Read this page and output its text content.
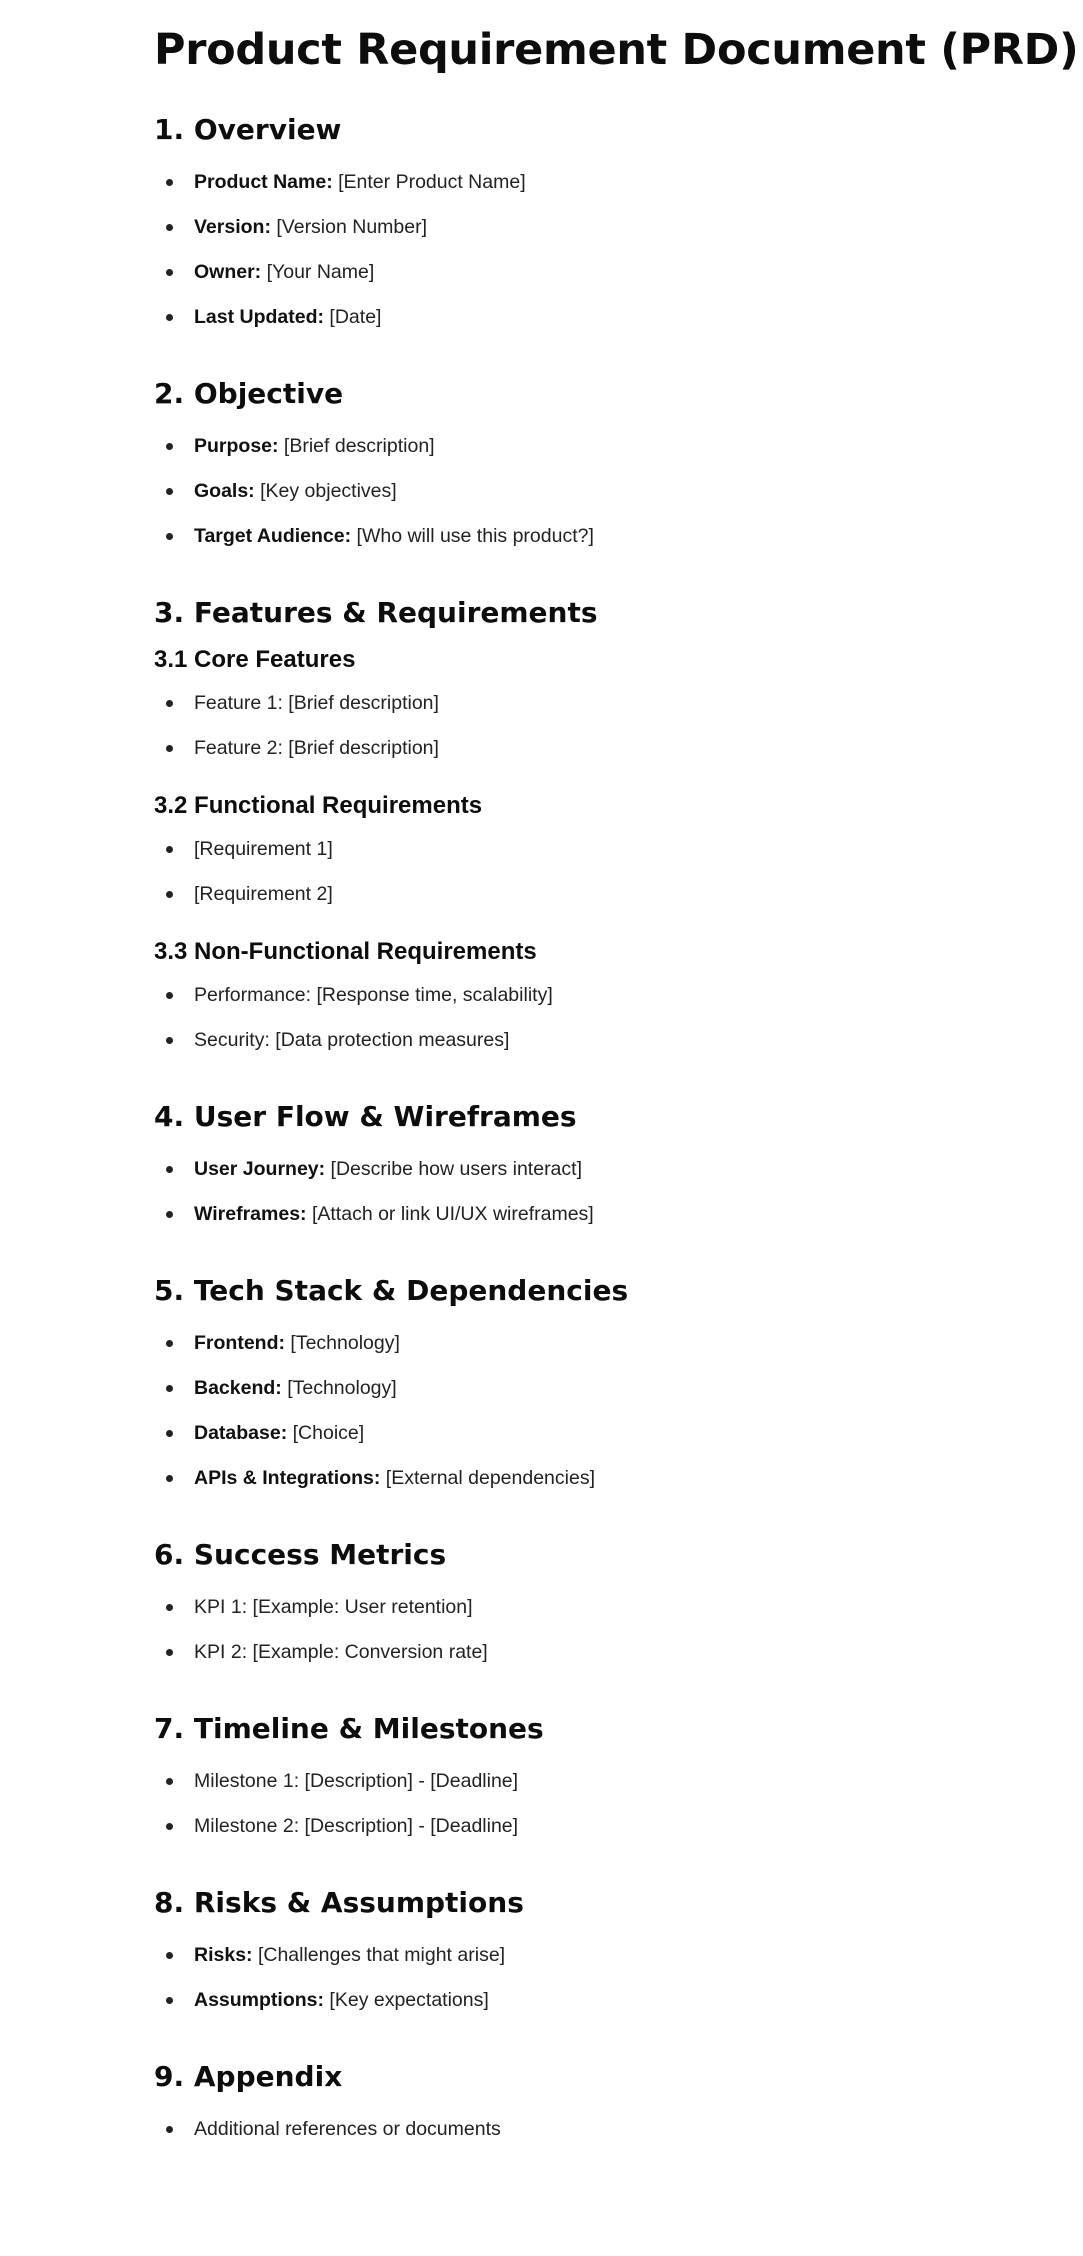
Product Requirement Document (PRD)
1. Overview
Product Name: [Enter Product Name]
Version: [Version Number]
Owner: [Your Name]
Last Updated: [Date]
2. Objective
Purpose: [Brief description]
Goals: [Key objectives]
Target Audience: [Who will use this product?]
3. Features & Requirements
3.1 Core Features
Feature 1: [Brief description]
Feature 2: [Brief description]
3.2 Functional Requirements
[Requirement 1]
[Requirement 2]
3.3 Non-Functional Requirements
Performance: [Response time, scalability]
Security: [Data protection measures]
4. User Flow & Wireframes
User Journey: [Describe how users interact]
Wireframes: [Attach or link UI/UX wireframes]
5. Tech Stack & Dependencies
Frontend: [Technology]
Backend: [Technology]
Database: [Choice]
APIs & Integrations: [External dependencies]
6. Success Metrics
KPI 1: [Example: User retention]
KPI 2: [Example: Conversion rate]
7. Timeline & Milestones
Milestone 1: [Description] - [Deadline]
Milestone 2: [Description] - [Deadline]
8. Risks & Assumptions
Risks: [Challenges that might arise]
Assumptions: [Key expectations]
9. Appendix
Additional references or documents
